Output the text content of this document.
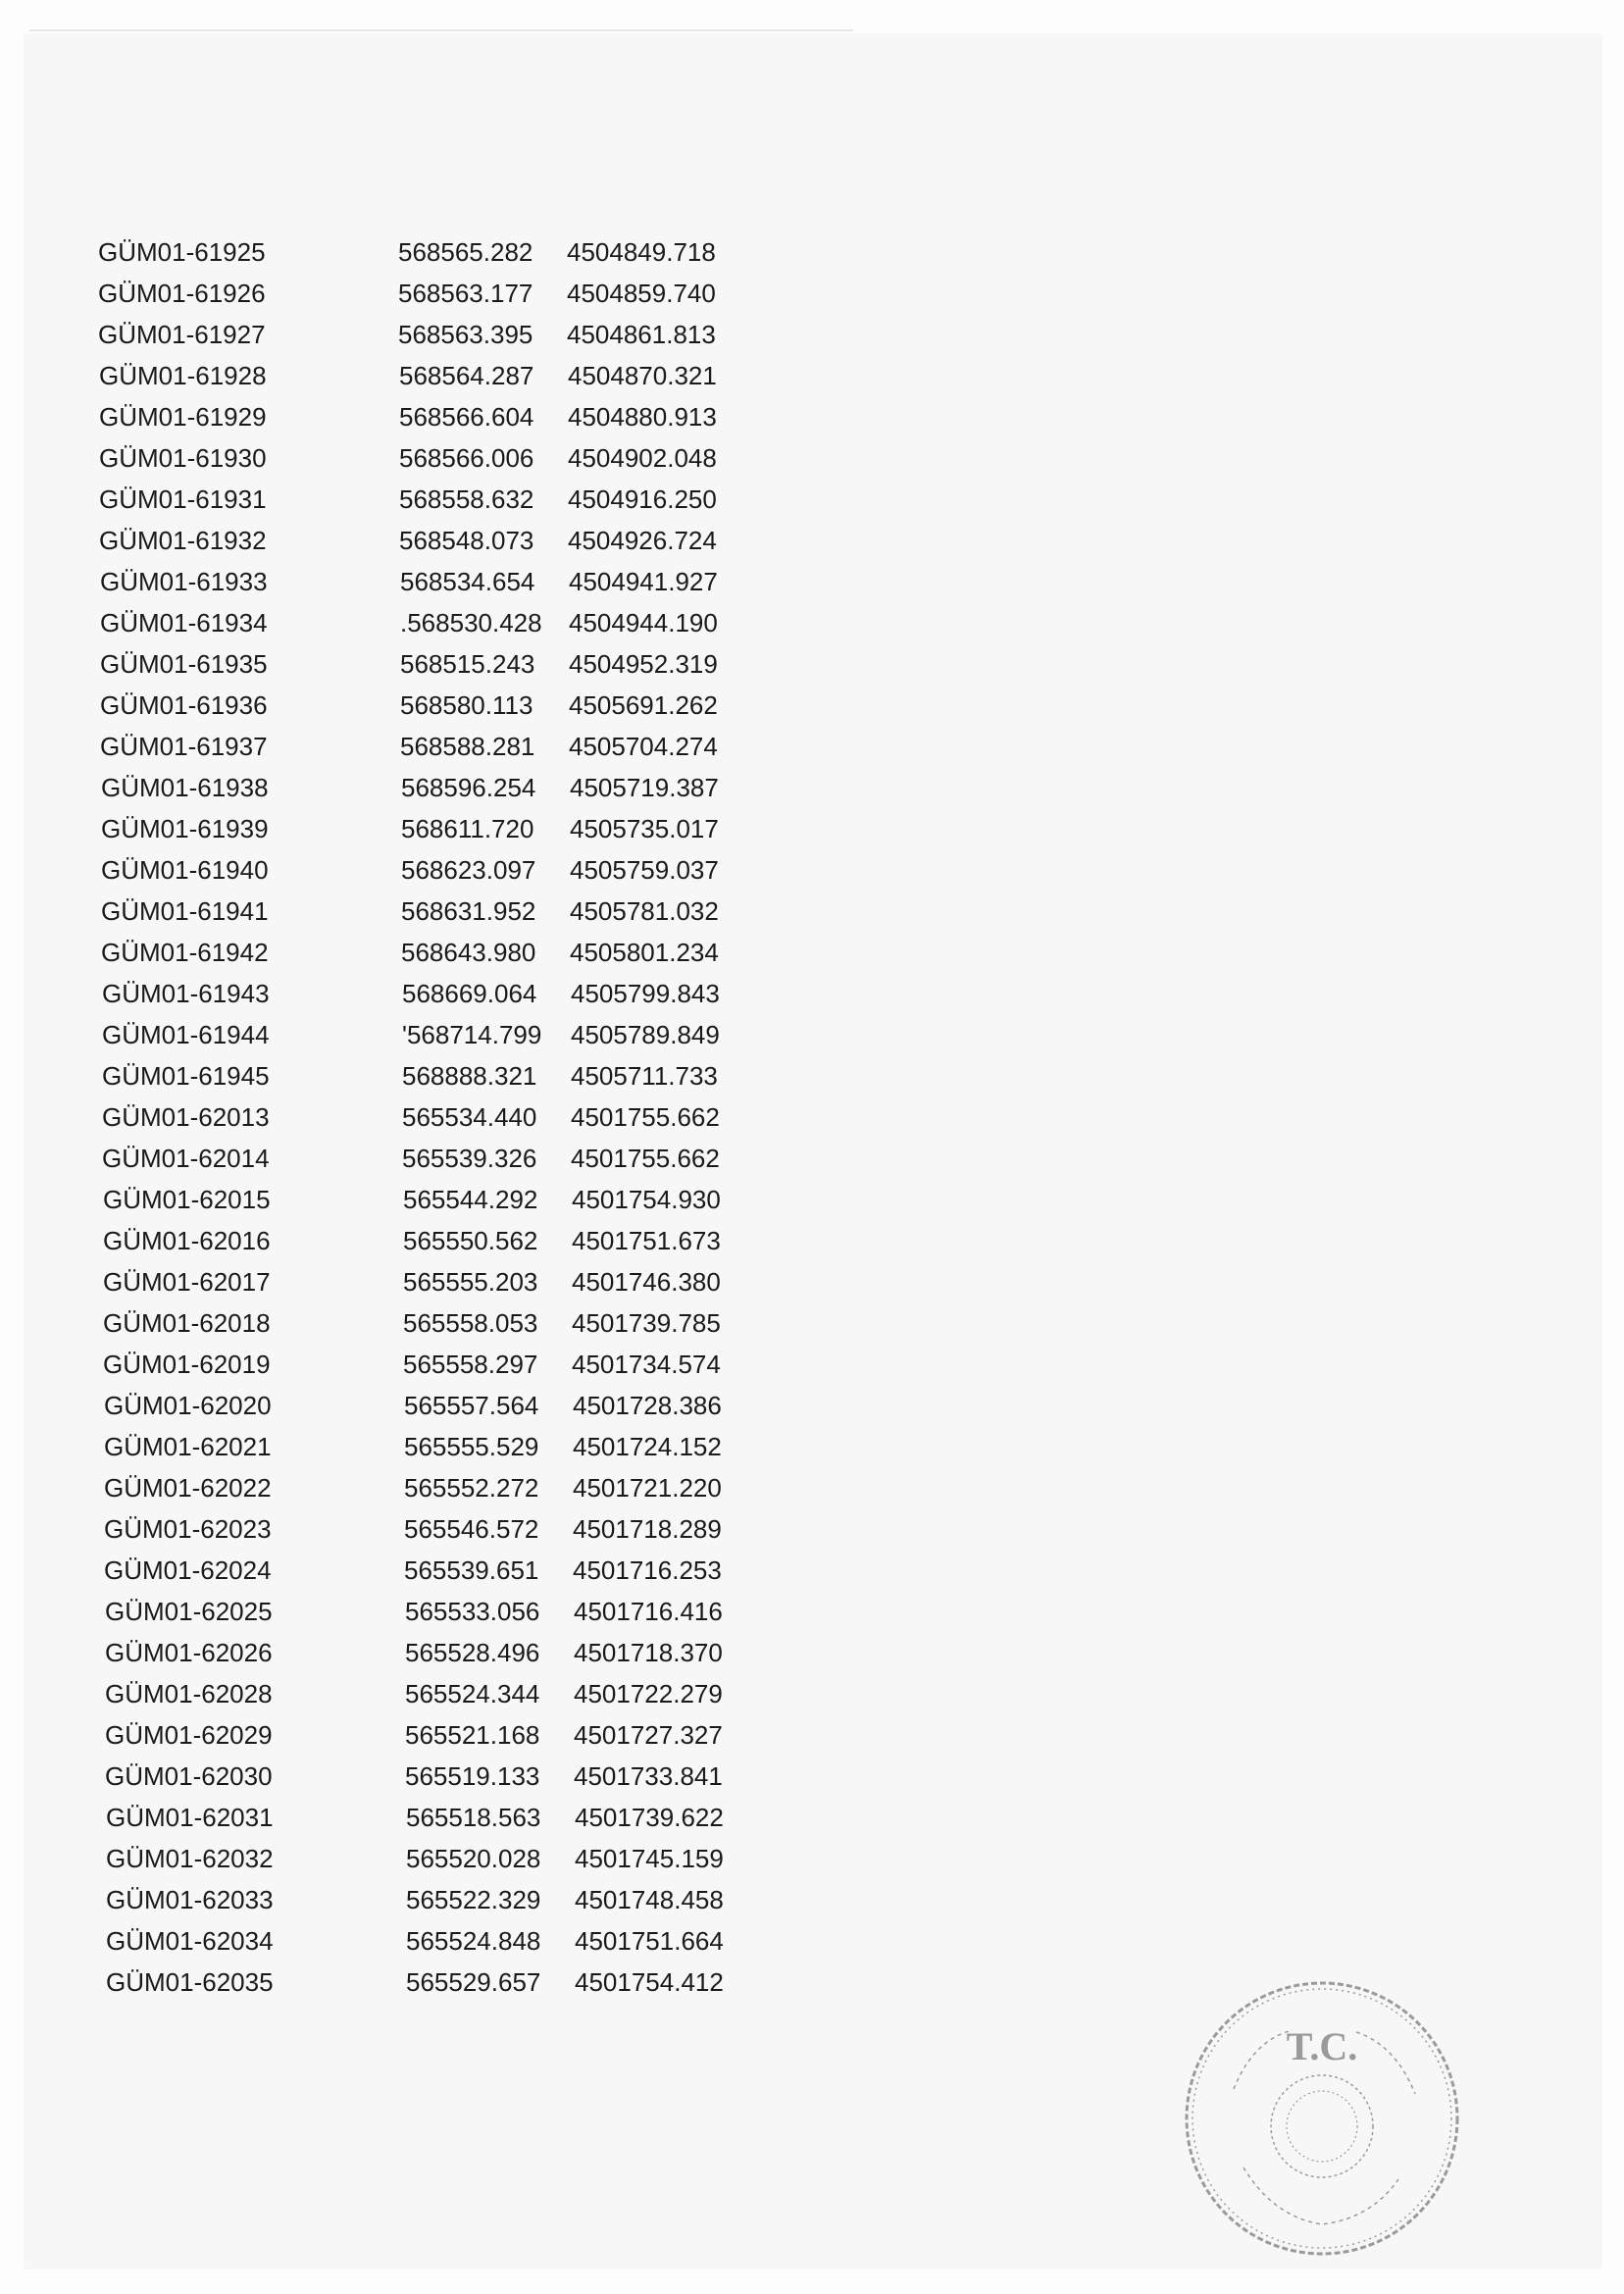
GÜM01-61925	568565.282 4504849.718
GÜM01-61926	568563.177 4504859.740
GÜM01-61927	568563.395 4504861.813
GÜM01-61928	568564.287 4504870.321
GÜM01-61929	568566.604 4504880.913
GÜM01-61930	568566.006 4504902.048
GÜM01-61931	568558.632 4504916.250
GÜM01-61932	568548.073 4504926.724
GÜM01-61933	568534.654 4504941.927
GÜM01-61934	.568530.428 4504944.190
GÜM01-61935	568515.243 4504952.319
GÜM01-61936	568580.113 4505691.262
GÜM01-61937	568588.281 4505704.274
GÜM01-61938	568596.254 4505719.387
GÜM01-61939	568611.720 4505735.017
GÜM01-61940	568623.097 4505759.037
GÜM01-61941	568631.952 4505781.032
GÜM01-61942	568643.980 4505801.234
GÜM01-61943	568669.064 4505799.843
GÜM01-61944	'568714.799 4505789.849
GÜM01-61945	568888.321 4505711.733
GÜM01-62013	565534.440 4501755.662
GÜM01-62014	565539.326 4501755.662
GÜM01-62015	565544.292 4501754.930
GÜM01-62016	565550.562 4501751.673
GÜM01-62017	565555.203 4501746.380
GÜM01-62018	565558.053 4501739.785
GÜM01-62019	565558.297 4501734.574
GÜM01-62020	565557.564 4501728.386
GÜM01-62021	565555.529 4501724.152
GÜM01-62022	565552.272 4501721.220
GÜM01-62023	565546.572 4501718.289
GÜM01-62024	565539.651 4501716.253
GÜM01-62025	565533.056 4501716.416
GÜM01-62026	565528.496 4501718.370
GÜM01-62028	565524.344 4501722.279
GÜM01-62029	565521.168 4501727.327
GÜM01-62030	565519.133 4501733.841
GÜM01-62031	565518.563 4501739.622
GÜM01-62032	565520.028 4501745.159
GÜM01-62033	565522.329 4501748.458
GÜM01-62034	565524.848 4501751.664
GÜM01-62035	565529.657 4501754.412
T.C.
